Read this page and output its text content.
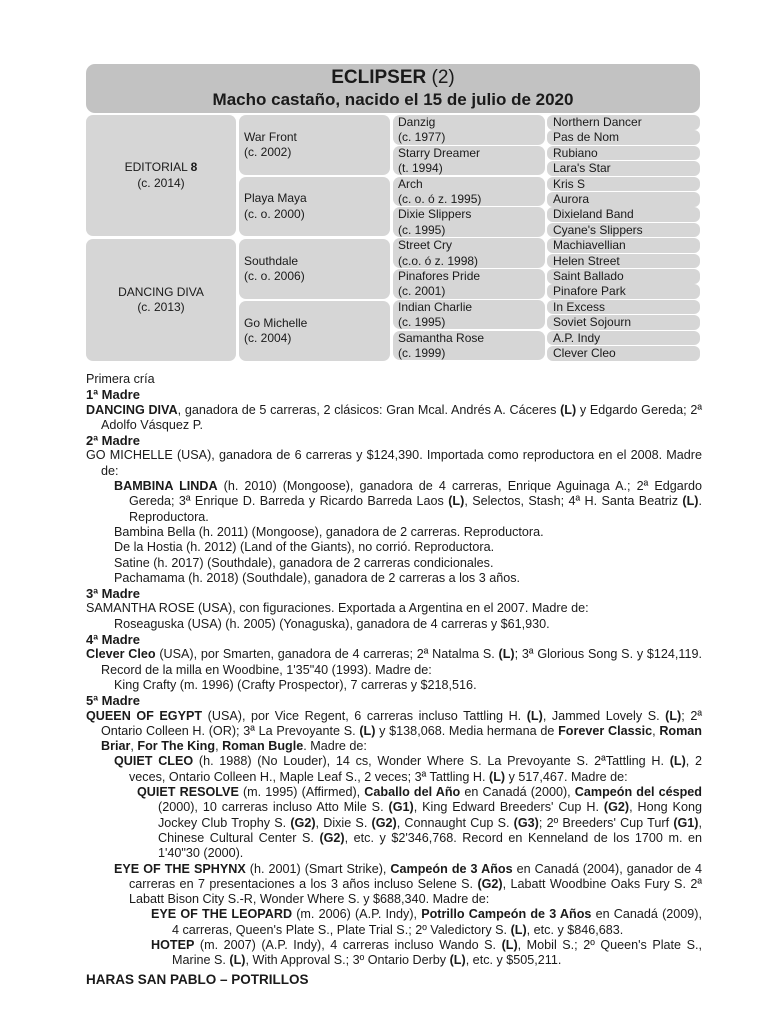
ECLIPSER (2)
Macho castaño, nacido el 15 de julio de 2020
EDITORIAL 8
(c. 2014)
DANCING DIVA
(c. 2013)
War Front
(c. 2002)
Playa Maya
(c. o. 2000)
Southdale
(c. o. 2006)
Go Michelle
(c. 2004)
Danzig
(c. 1977)
Starry Dreamer
(t. 1994)
Arch
(c. o. ó z. 1995)
Dixie Slippers
(c. 1995)
Street Cry
(c.o. ó z. 1998)
Pinafores Pride
(c. 2001)
Indian Charlie
(c. 1995)
Samantha Rose
(c. 1999)
Northern Dancer
Pas de Nom
Rubiano
Lara's Star
Kris S
Aurora
Dixieland Band
Cyane's Slippers
Machiavellian
Helen Street
Saint Ballado
Pinafore Park
In Excess
Soviet Sojourn
A.P. Indy
Clever Cleo

Primera cría

1ª Madre

DANCING DIVA, ganadora de 5 carreras, 2 clásicos: Gran Mcal. Andrés A. Cáceres (L) y Edgardo Gereda; 2ª Adolfo Vásquez P.

2ª Madre

GO MICHELLE (USA), ganadora de 6 carreras y $124,390. Importada como reproductora en el 2008. Madre de:

BAMBINA LINDA (h. 2010) (Mongoose), ganadora de 4 carreras, Enrique Aguinaga A.; 2ª Edgardo Gereda; 3ª Enrique D. Barreda y Ricardo Barreda Laos (L), Selectos, Stash; 4ª H. Santa Beatriz (L). Reproductora.

Bambina Bella (h. 2011) (Mongoose), ganadora de 2 carreras. Reproductora.

De la Hostia (h. 2012) (Land of the Giants), no corrió. Reproductora.

Satine (h. 2017) (Southdale), ganadora de 2 carreras condicionales.

Pachamama (h. 2018) (Southdale), ganadora de 2 carreras a los 3 años.

3ª Madre

SAMANTHA ROSE (USA), con figuraciones. Exportada a Argentina en el 2007. Madre de:

Roseaguska (USA) (h. 2005) (Yonaguska), ganadora de 4 carreras y $61,930.

4ª Madre

Clever Cleo (USA), por Smarten, ganadora de 4 carreras; 2ª Natalma S. (L); 3ª Glorious Song S. y $124,119. Record de la milla en Woodbine, 1'35"40 (1993). Madre de:

King Crafty (m. 1996) (Crafty Prospector), 7 carreras y $218,516.

5ª Madre

QUEEN OF EGYPT (USA), por Vice Regent, 6 carreras incluso Tattling H. (L), Jammed Lovely S. (L); 2ª Ontario Colleen H. (OR); 3ª La Prevoyante S. (L) y $138,068. Media hermana de Forever Classic, Roman Briar, For The King, Roman Bugle. Madre de:

QUIET CLEO (h. 1988) (No Louder), 14 cs, Wonder Where S. La Prevoyante S. 2ªTattling H. (L), 2 veces, Ontario Colleen H., Maple Leaf S., 2 veces; 3ª Tattling H. (L) y 517,467. Madre de:

QUIET RESOLVE (m. 1995) (Affirmed), Caballo del Año en Canadá (2000), Campeón del césped (2000), 10 carreras incluso Atto Mile S. (G1), King Edward Breeders' Cup H. (G2), Hong Kong Jockey Club Trophy S. (G2), Dixie S. (G2), Connaught Cup S. (G3); 2º Breeders' Cup Turf (G1), Chinese Cultural Center S. (G2), etc. y $2'346,768. Record en Kenneland de los 1700 m. en 1'40"30 (2000).

EYE OF THE SPHYNX (h. 2001) (Smart Strike), Campeón de 3 Años en Canadá (2004), ganador de 4 carreras en 7 presentaciones a los 3 años incluso Selene S. (G2), Labatt Woodbine Oaks Fury S. 2ª Labatt Bison City S.-R, Wonder Where S. y $688,340. Madre de:

EYE OF THE LEOPARD (m. 2006) (A.P. Indy), Potrillo Campeón de 3 Años en Canadá (2009), 4 carreras, Queen's Plate S., Plate Trial S.; 2º Valedictory S. (L), etc. y $846,683.

HOTEP (m. 2007) (A.P. Indy), 4 carreras incluso Wando S. (L), Mobil S.; 2º Queen's Plate S., Marine S. (L), With Approval S.; 3º Ontario Derby (L), etc. y $505,211.

HARAS SAN PABLO – POTRILLOS
